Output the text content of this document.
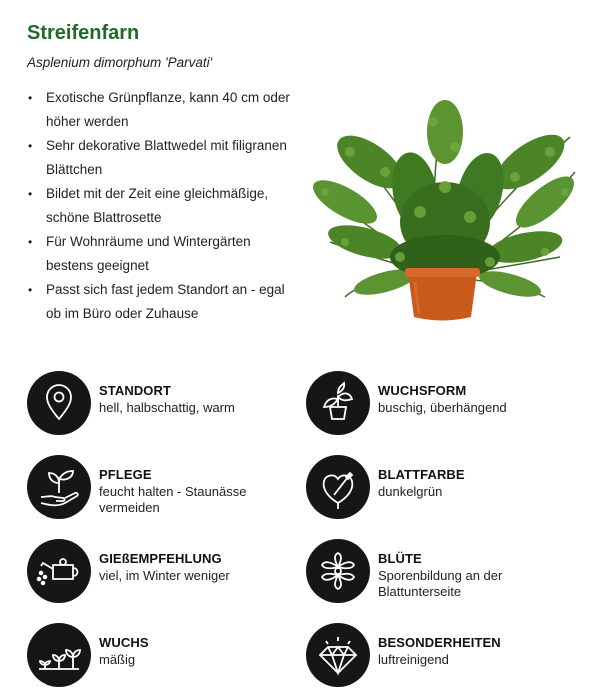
Streifenfarn
Asplenium dimorphum 'Parvati'
• Exotische Grünpflanze, kann 40 cm oder höher werden
• Sehr dekorative Blattwedel mit filigranen Blättchen
• Bildet mit der Zeit eine gleichmäßige, schöne Blattrosette
• Für Wohnräume und Wintergärten bestens geeignet
• Passt sich fast jedem Standort an - egal ob im Büro oder Zuhause
STANDORT
hell, halbschattig, warm
WUCHSFORM
buschig, überhängend
PFLEGE
feucht halten - Staunässe vermeiden
BLATTFARBE
dunkelgrün
GIEßEMPFEHLUNG
viel, im Winter weniger
BLÜTE
Sporenbildung an der Blattunterseite
WUCHS
mäßig
BESONDERHEITEN
luftreinigend
